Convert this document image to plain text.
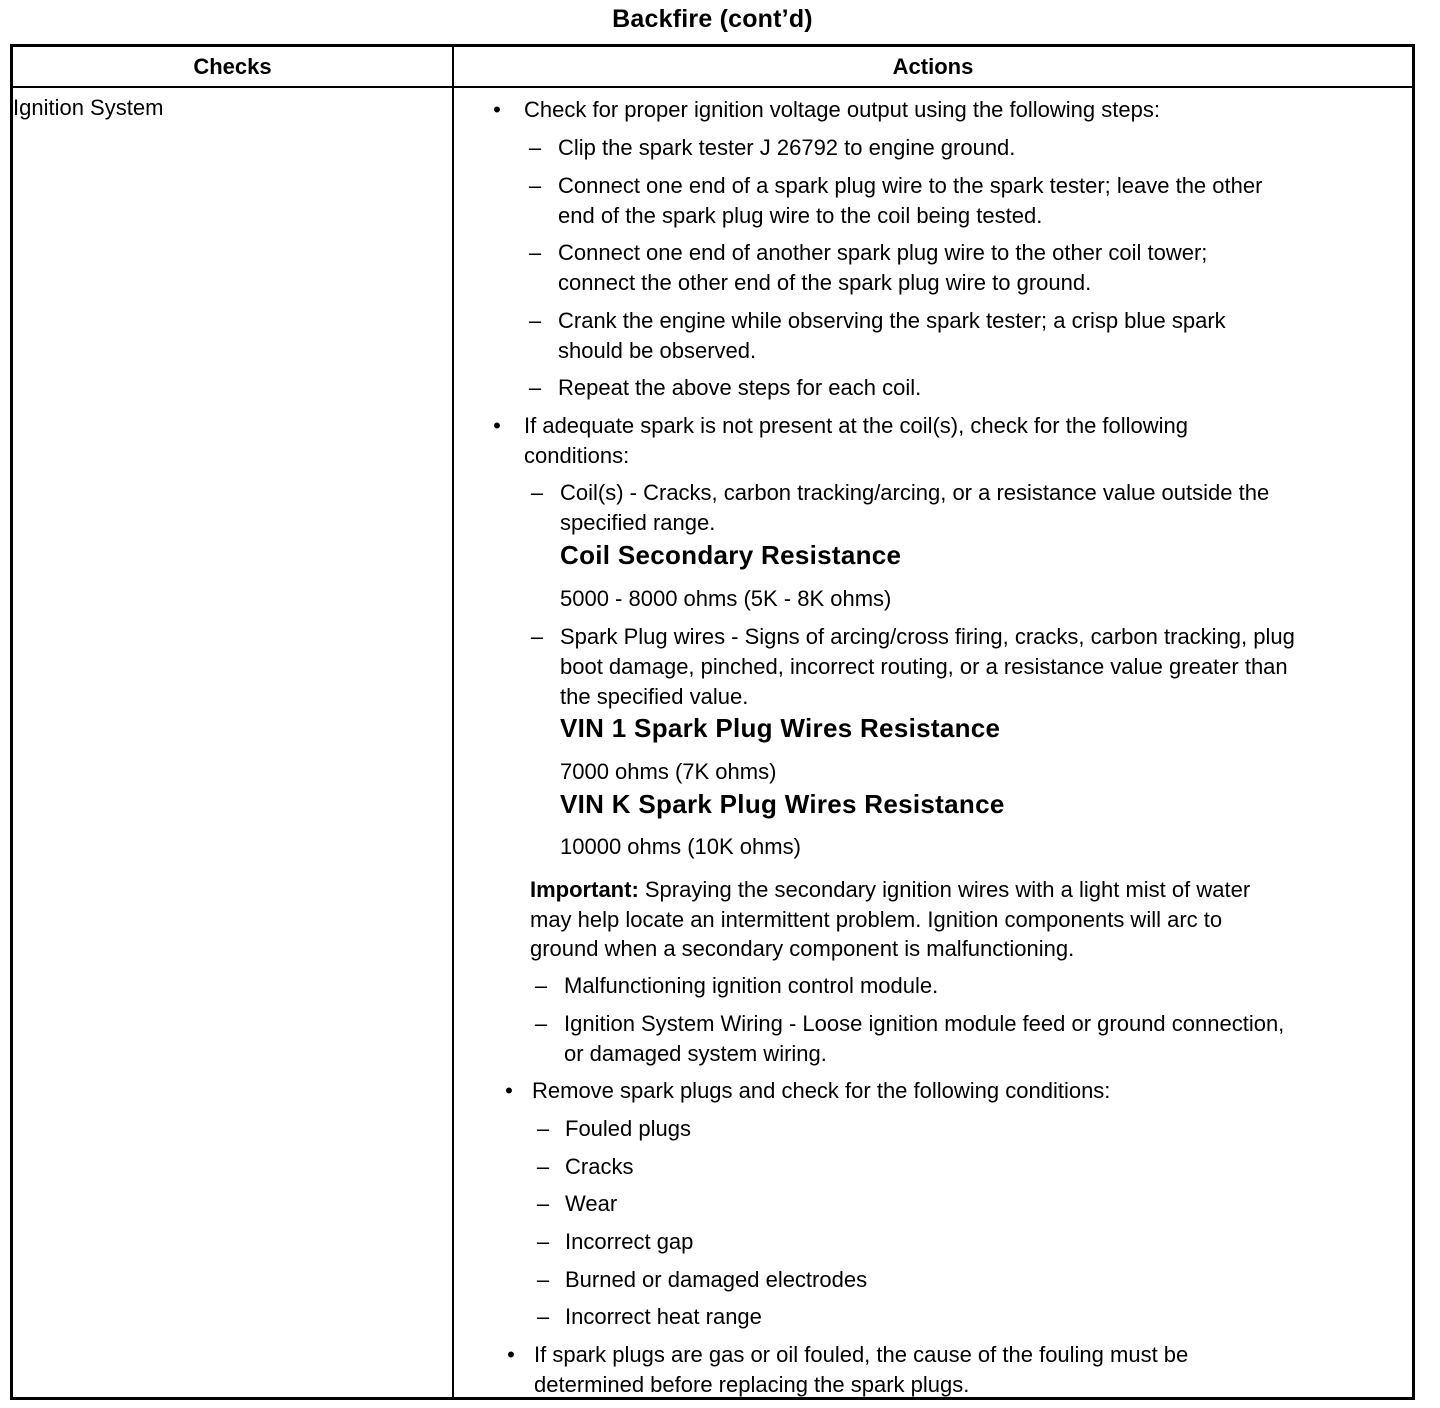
Backfire (cont’d)
Checks	Actions
Ignition System	• Check for proper ignition voltage output using the following steps:
– Clip the spark tester J 26792 to engine ground.
– Connect one end of a spark plug wire to the spark tester; leave the other
end of the spark plug wire to the coil being tested.
– Connect one end of another spark plug wire to the other coil tower;
connect the other end of the spark plug wire to ground.
– Crank the engine while observing the spark tester; a crisp blue spark
should be observed.
– Repeat the above steps for each coil.
• If adequate spark is not present at the coil(s), check for the following
conditions:
– Coil(s) - Cracks, carbon tracking/arcing, or a resistance value outside the
specified range.
Coil Secondary Resistance
5000 - 8000 ohms (5K - 8K ohms)
– Spark Plug wires - Signs of arcing/cross firing, cracks, carbon tracking, plug
boot damage, pinched, incorrect routing, or a resistance value greater than
the specified value.
VIN 1 Spark Plug Wires Resistance
7000 ohms (7K ohms)
VIN K Spark Plug Wires Resistance
10000 ohms (10K ohms)
Important: Spraying the secondary ignition wires with a light mist of water
may help locate an intermittent problem. Ignition components will arc to
ground when a secondary component is malfunctioning.
– Malfunctioning ignition control module.
– Ignition System Wiring - Loose ignition module feed or ground connection,
or damaged system wiring.
• Remove spark plugs and check for the following conditions:
– Fouled plugs
– Cracks
– Wear
– Incorrect gap
– Burned or damaged electrodes
– Incorrect heat range
• If spark plugs are gas or oil fouled, the cause of the fouling must be
determined before replacing the spark plugs.
